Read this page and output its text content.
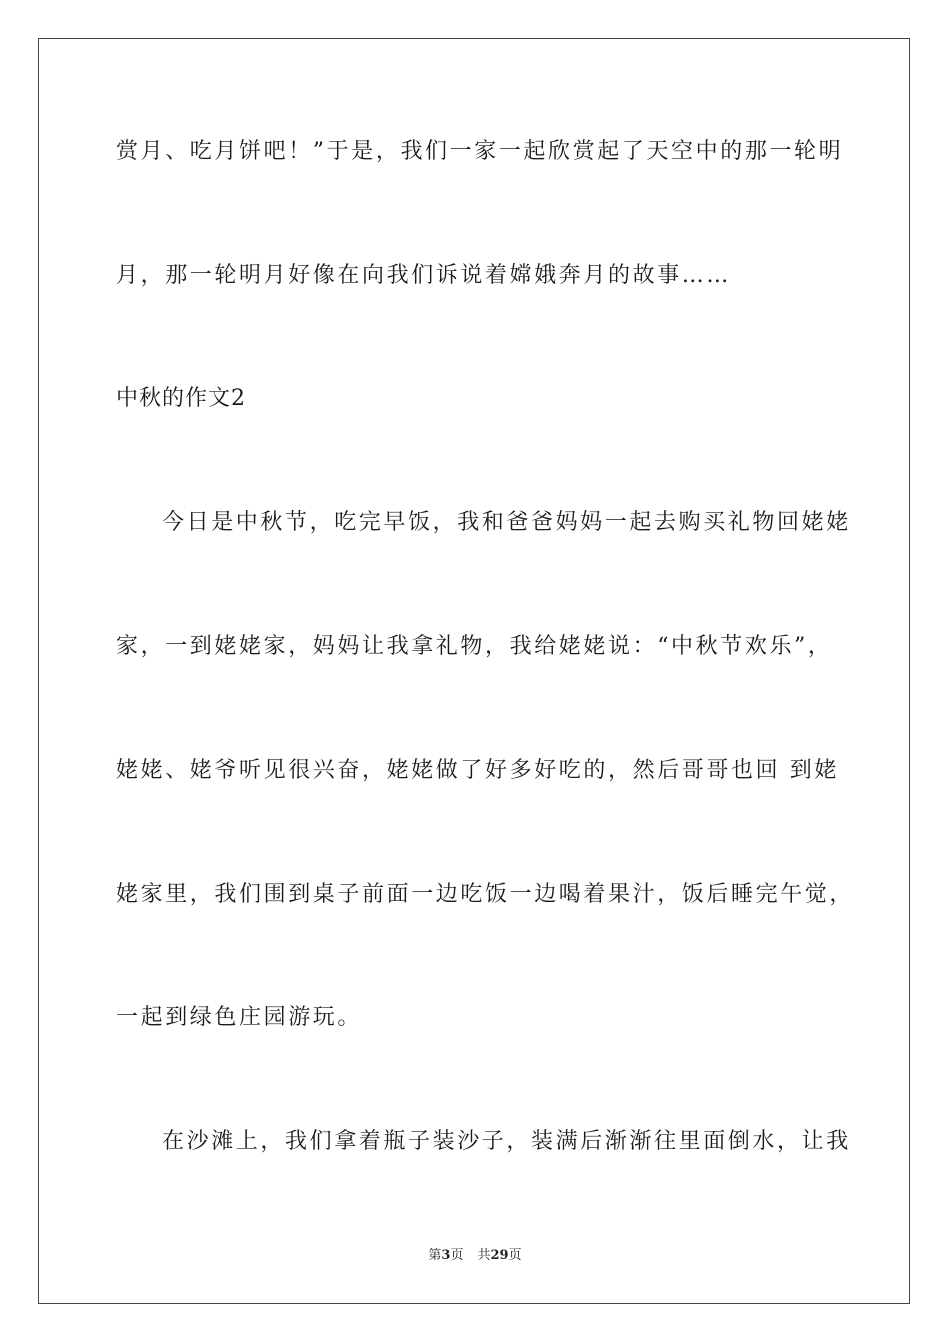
赏月、吃月饼吧！”于是，我们一家一起欣赏起了天空中的那一轮明
月，那一轮明月好像在向我们诉说着嫦娥奔月的故事……
中秋的作文2
今日是中秋节，吃完早饭，我和爸爸妈妈一起去购买礼物回姥姥
家，一到姥姥家，妈妈让我拿礼物，我给姥姥说：“中秋节欢乐”，
姥姥、姥爷听见很兴奋，姥姥做了好多好吃的，然后哥哥也回 到姥
姥家里，我们围到桌子前面一边吃饭一边喝着果汁，饭后睡完午觉，
一起到绿色庄园游玩。
在沙滩上，我们拿着瓶子装沙子，装满后渐渐往里面倒水，让我
第3页 共29页
